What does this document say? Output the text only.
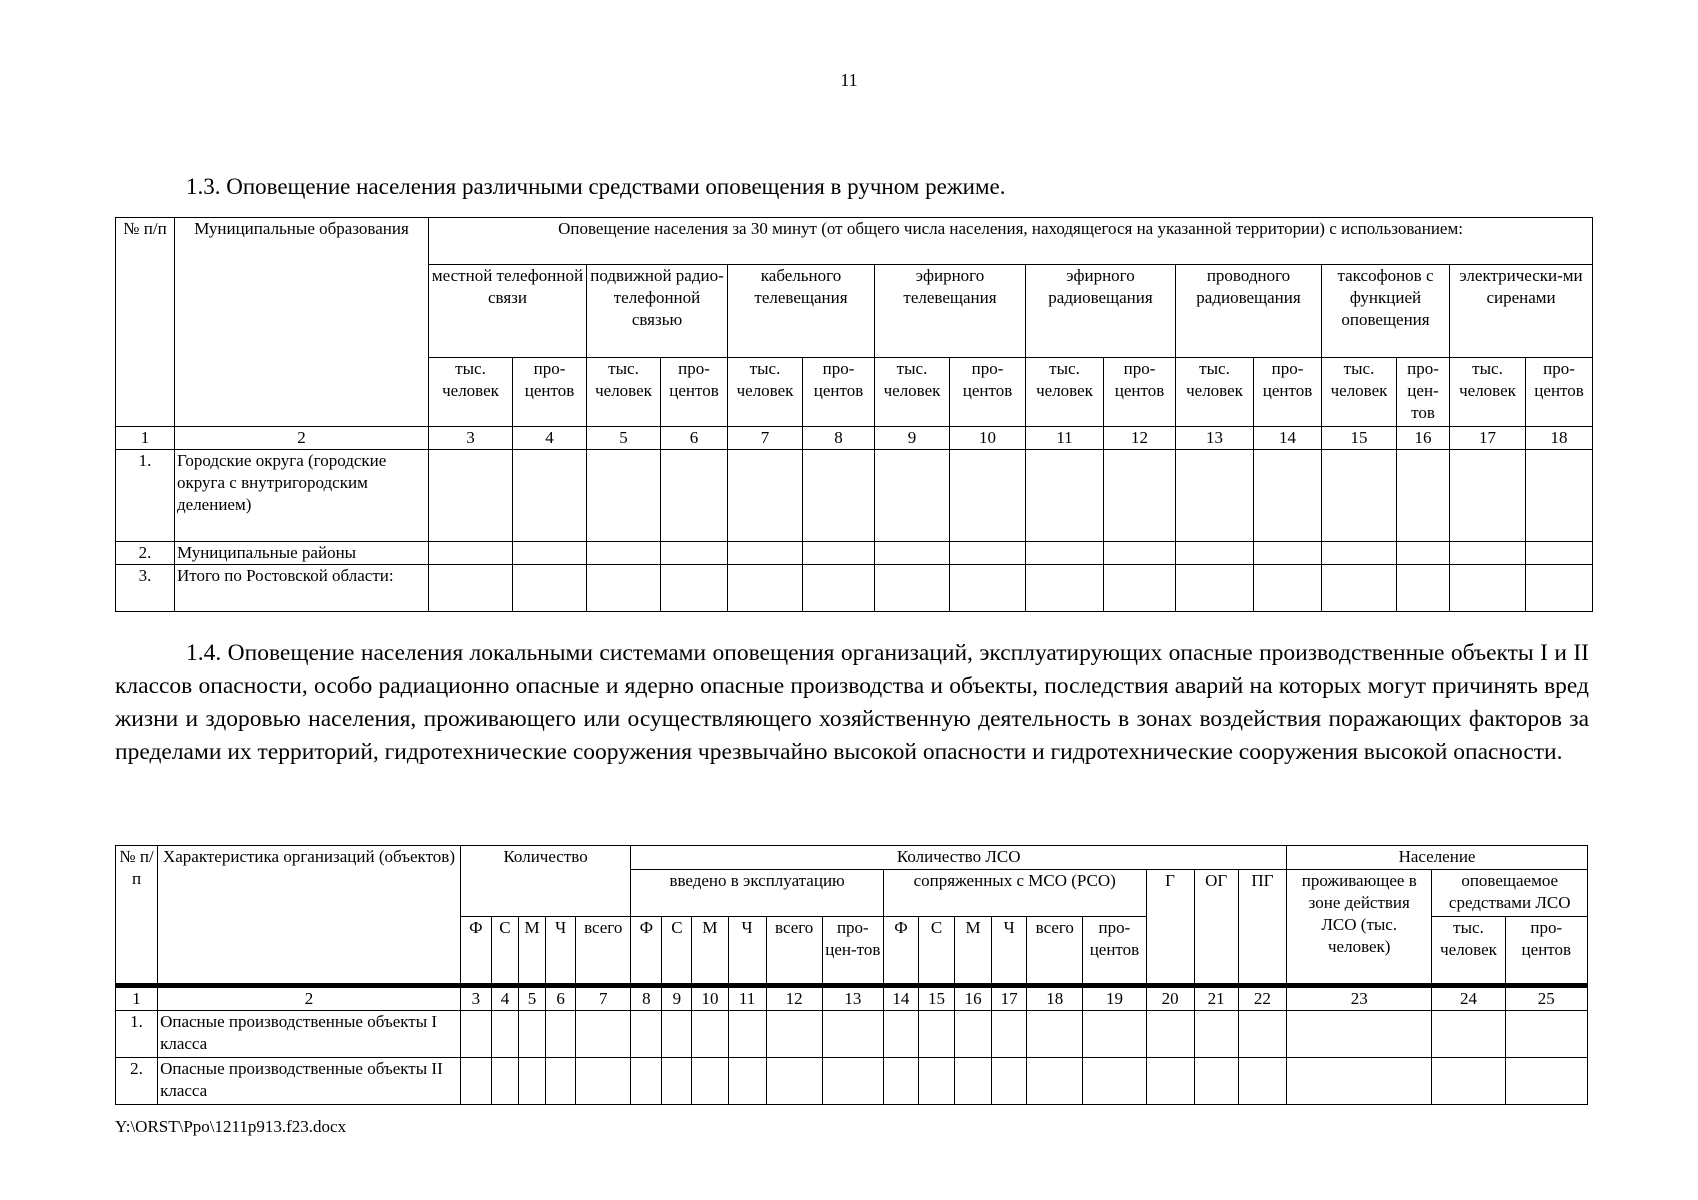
11
1.3. Оповещение населения различными средствами оповещения в ручном режиме.
№ п/п	Муниципальные образования	Оповещение населения за 30 минут (от общего числа населения, находящегося на указанной территории) с использованием:															
		местной телефонной связи		подвижной радио-телефонной связью		кабельного телевещания		эфирного телевещания		эфирного радиовещания		проводного радиовещания		таксофонов с функцией оповещения		электрически-ми сиренами	
		тыс. человек	про-центов	тыс. человек	про-центов	тыс. человек	про-центов	тыс. человек	про-центов	тыс. человек	про-центов	тыс. человек	про-центов	тыс. человек	про-цен-тов	тыс. человек	про-центов
1	2	3	4	5	6	7	8	9	10	11	12	13	14	15	16	17	18
1.	Городские округа (городские округа с внутригородским делением)																
2.	Муниципальные районы																
3.	Итого по Ростовской области:																
1.4. Оповещение населения локальными системами оповещения организаций, эксплуатирующих опасные производственные объекты I и II классов опасности, особо радиационно опасные и ядерно опасные производства и объекты, последствия аварий на которых могут причинять вред жизни и здоровью населения, проживающего или осуществляющего хозяйственную деятельность в зонах воздействия поражающих факторов за пределами их территорий, гидротехнические сооружения чрезвычайно высокой опасности и гидротехнические сооружения высокой опасности.
№ п/п	Характеристика организаций (объектов)	Количество					Количество ЛСО															Население		
							введено в эксплуатацию						сопряженных с МСО (РСО)						Г	ОГ	ПГ	проживающее в зоне действия ЛСО (тыс. человек)	оповещаемое средствами ЛСО	
		Ф	С	М	Ч	всего	Ф	С	М	Ч	всего	про-цен-тов	Ф	С	М	Ч	всего	про-центов					тыс. человек	про-центов
1	2	3	4	5	6	7	8	9	10	11	12	13	14	15	16	17	18	19	20	21	22	23	24	25
1.	Опасные производственные объекты I класса																							
2.	Опасные производственные объекты II класса																							
Y:\ORST\Ppo\1211p913.f23.docx
